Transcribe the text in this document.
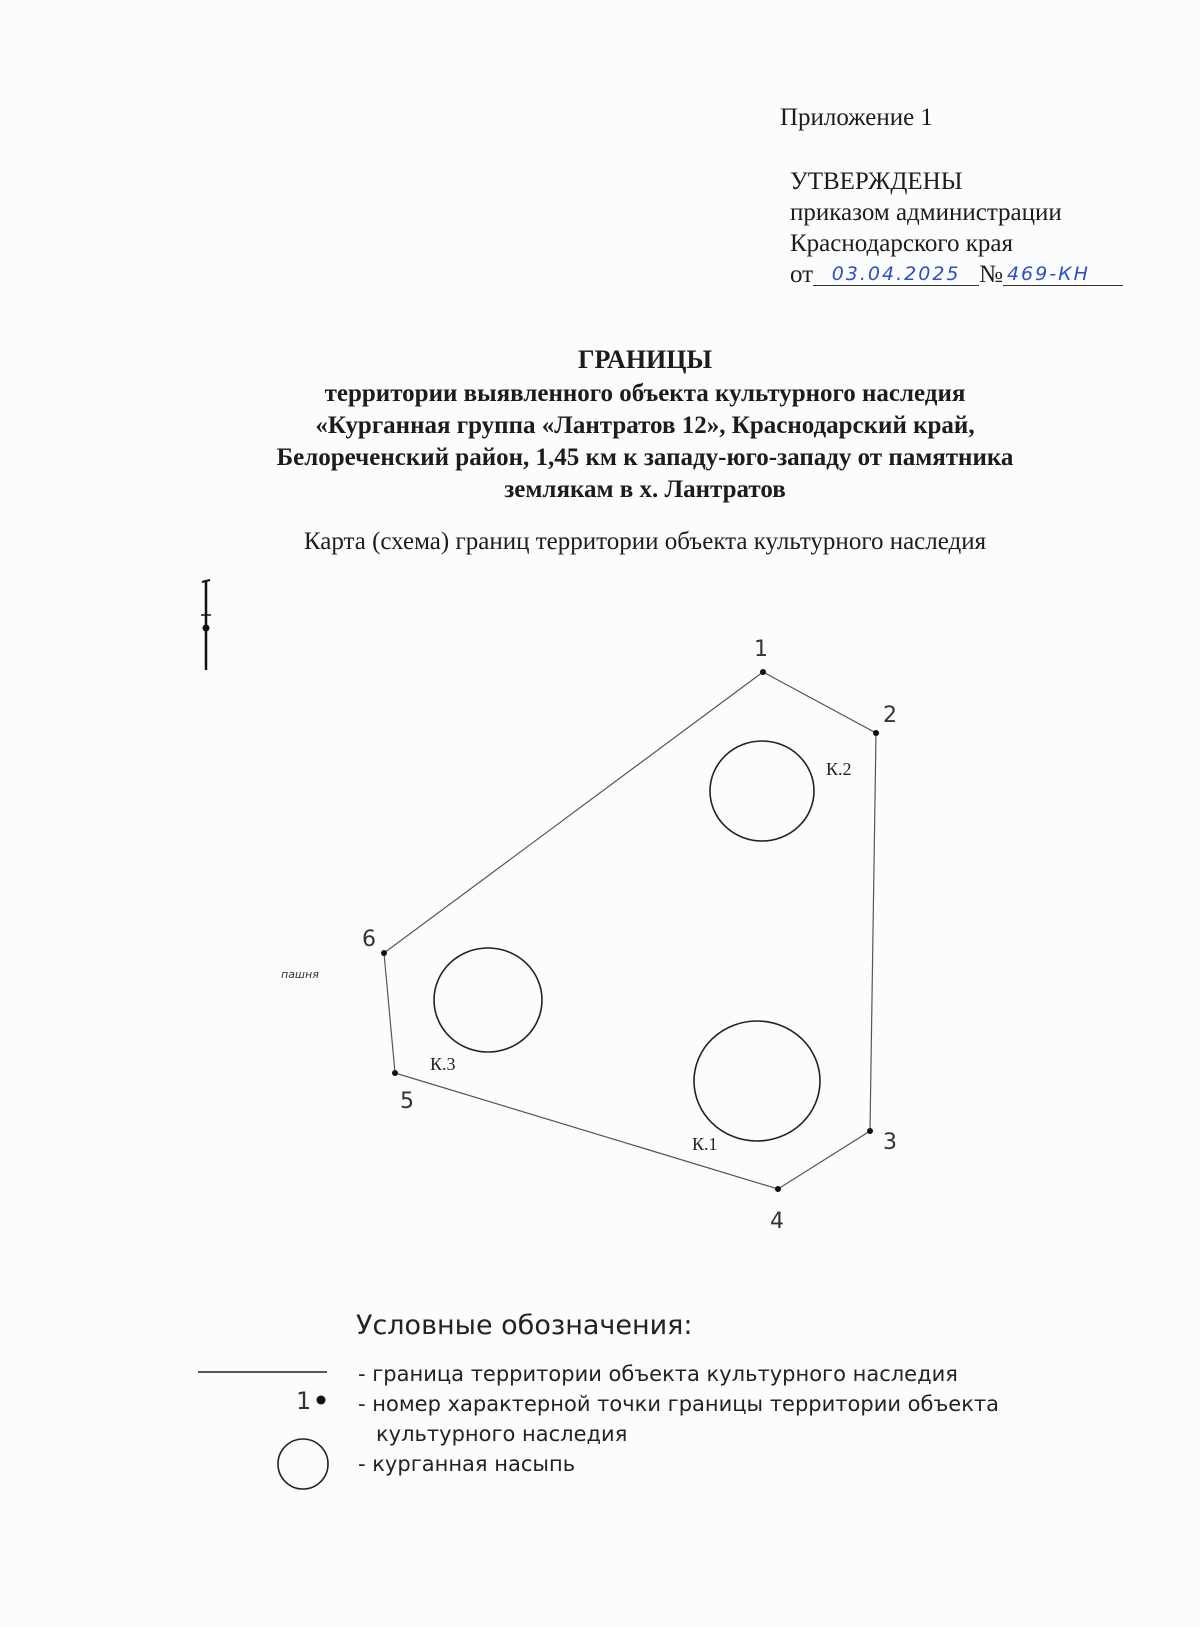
Приложение 1
УТВЕРЖДЕНЫ
приказом администрации
Краснодарского края
от 03.04.2025 № 469-КН
ГРАНИЦЫ
территории выявленного объекта культурного наследия
«Курганная группа «Лантратов 12», Краснодарский край,
Белореченский район, 1,45 км к западу-юго-западу от памятника
землякам в х. Лантратов
Карта (схема) границ территории объекта культурного наследия
1
2
3
4
5
6
К.1
К.2
К.3
пашня
1
Условные обозначения:
- граница территории объекта культурного наследия
- номер характерной точки границы территории объекта
культурного наследия
- курганная насыпь
